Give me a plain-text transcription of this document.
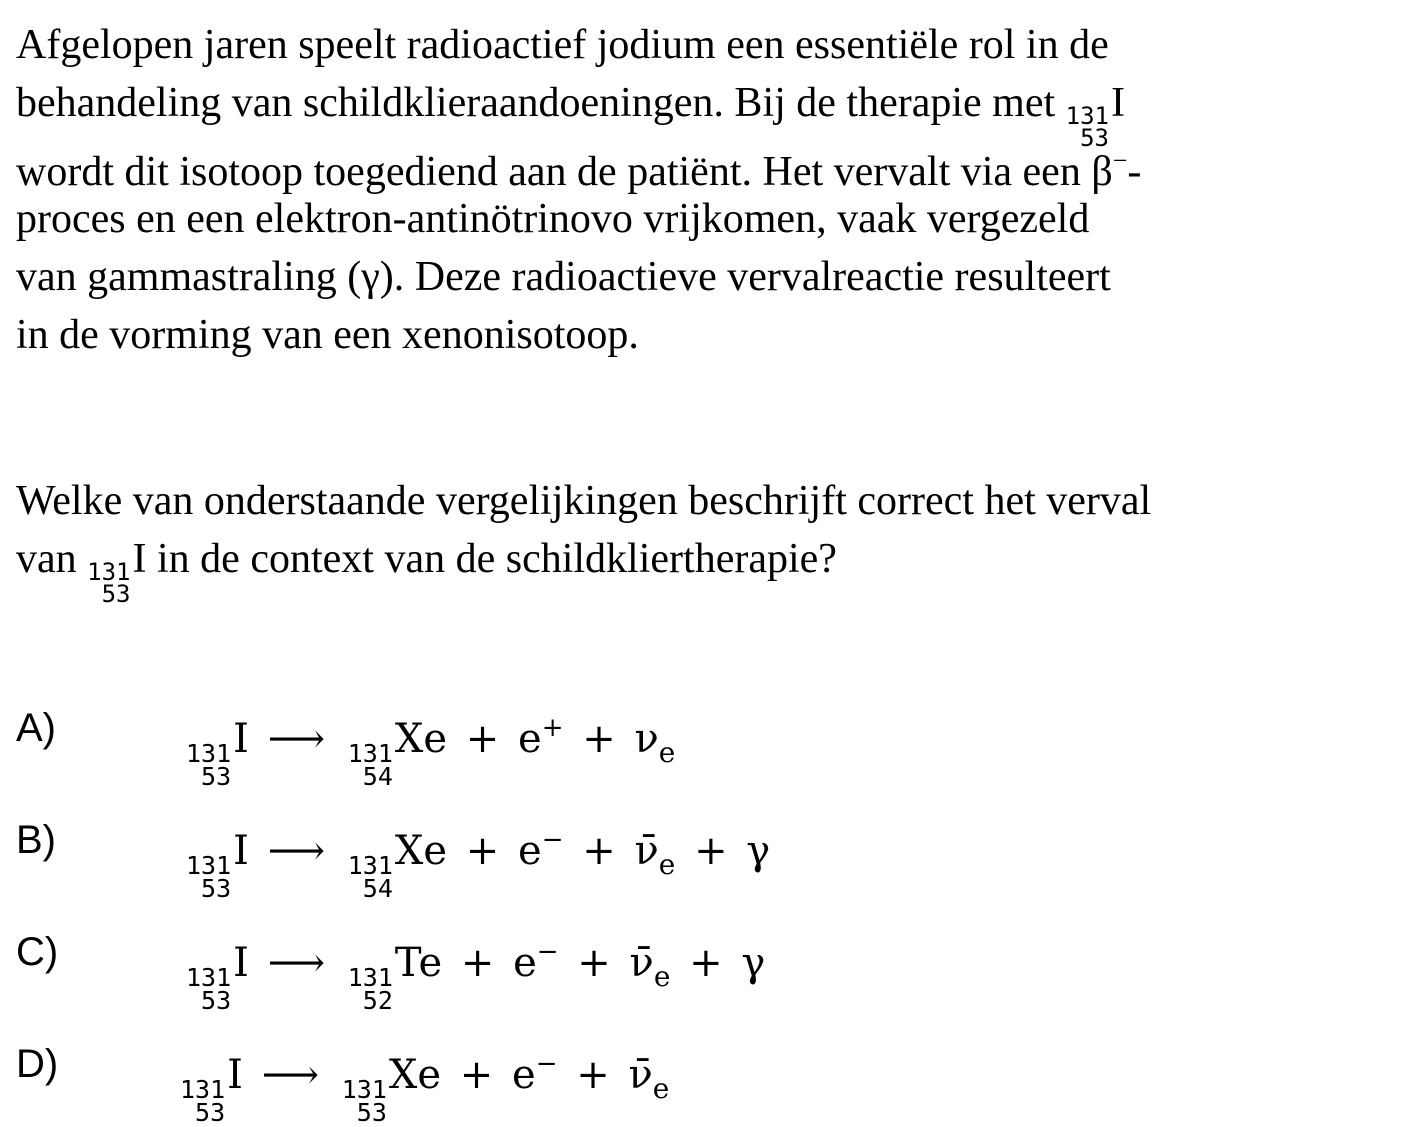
Afgelopen jaren speelt radioactief jodium een essentiële rol in de
behandeling van schildklieraandoeningen. Bij de therapie met 131
53
I
wordt dit isotoop toegediend aan de patiënt. Het vervalt via een β−-
proces en een elektron-antinötrinovo vrijkomen, vaak vergezeld
van gammastraling (γ). Deze radioactieve vervalreactie resulteert
in de vorming van een xenonisotoop.
Welke van onderstaande vergelijkingen beschrijft correct het verval
van 131
53
I in de context van de schildkliertherapie?
A)
131
53
I ⟶ 131
54
$Xe + e^+ + \nu_e$
B)
131
53
I ⟶ 131
54
$Xe + e^- + \nū_e + \gamma$
C)
131
53
I ⟶ 131
52
$Te + e^- + \nū_e + \gamma$
D)
131
53
I ⟶ 131
53
$Xe + e^- + \nū_e$
